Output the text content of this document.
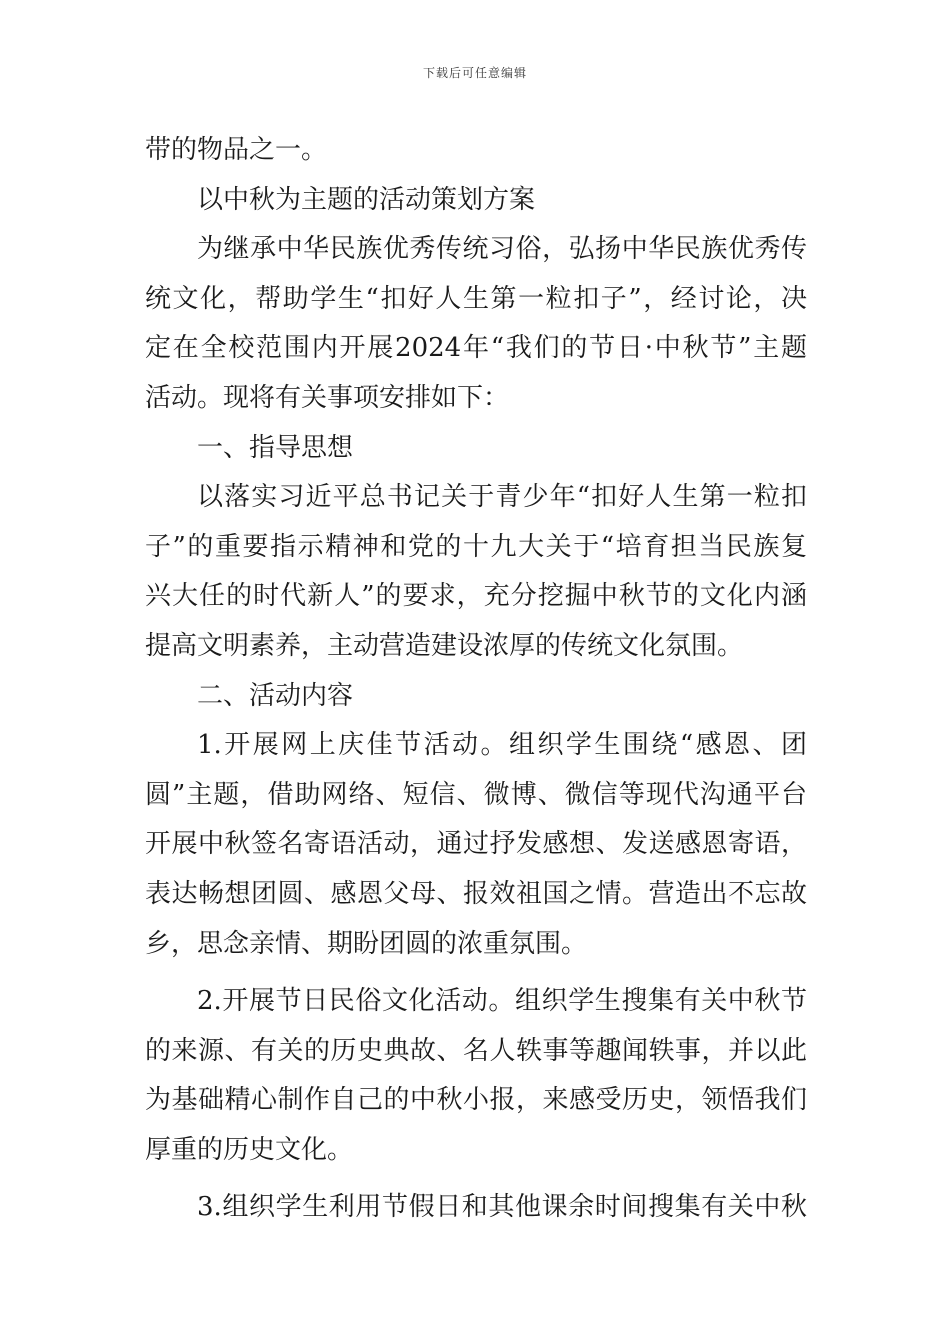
下载后可任意编辑
带的物品之一。
以中秋为主题的活动策划方案
为继承中华民族优秀传统习俗，弘扬中华民族优秀传
统文化，帮助学生“扣好人生第一粒扣子”，经讨论，决
定在全校范围内开展2024年“我们的节日·中秋节”主题
活动。现将有关事项安排如下：
一、指导思想
以落实习近平总书记关于青少年“扣好人生第一粒扣
子”的重要指示精神和党的十九大关于“培育担当民族复
兴大任的时代新人”的要求，充分挖掘中秋节的文化内涵
提高文明素养，主动营造建设浓厚的传统文化氛围。
二、活动内容
1.开展网上庆佳节活动。组织学生围绕“感恩、团
圆”主题，借助网络、短信、微博、微信等现代沟通平台
开展中秋签名寄语活动，通过抒发感想、发送感恩寄语，
表达畅想团圆、感恩父母、报效祖国之情。营造出不忘故
乡，思念亲情、期盼团圆的浓重氛围。
2.开展节日民俗文化活动。组织学生搜集有关中秋节
的来源、有关的历史典故、名人轶事等趣闻轶事，并以此
为基础精心制作自己的中秋小报，来感受历史，领悟我们
厚重的历史文化。
3.组织学生利用节假日和其他课余时间搜集有关中秋
